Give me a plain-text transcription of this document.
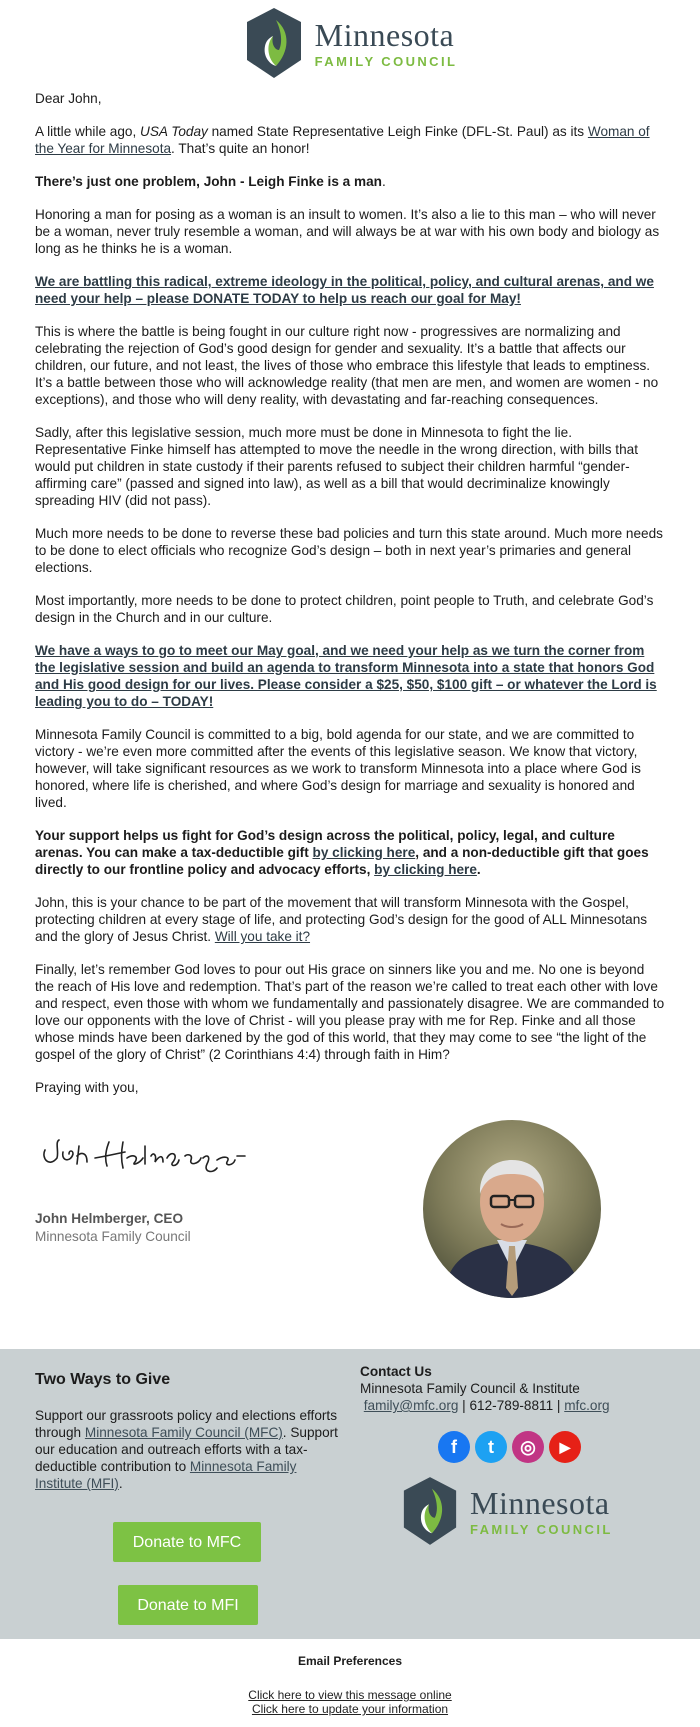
Minnesota
FAMILY COUNCIL

Dear John,

A little while ago, USA Today named State Representative Leigh Finke (DFL-St. Paul) as its Woman of the Year for Minnesota. That’s quite an honor!

There’s just one problem, John - Leigh Finke is a man.

Honoring a man for posing as a woman is an insult to women. It’s also a lie to this man – who will never be a woman, never truly resemble a woman, and will always be at war with his own body and biology as long as he thinks he is a woman.

We are battling this radical, extreme ideology in the political, policy, and cultural arenas, and we need your help – please DONATE TODAY to help us reach our goal for May!

This is where the battle is being fought in our culture right now - progressives are normalizing and celebrating the rejection of God’s good design for gender and sexuality. It’s a battle that affects our children, our future, and not least, the lives of those who embrace this lifestyle that leads to emptiness. It’s a battle between those who will acknowledge reality (that men are men, and women are women - no exceptions), and those who will deny reality, with devastating and far-reaching consequences.

Sadly, after this legislative session, much more must be done in Minnesota to fight the lie. Representative Finke himself has attempted to move the needle in the wrong direction, with bills that would put children in state custody if their parents refused to subject their children harmful “gender-affirming care” (passed and signed into law), as well as a bill that would decriminalize knowingly spreading HIV (did not pass).

Much more needs to be done to reverse these bad policies and turn this state around. Much more needs to be done to elect officials who recognize God’s design – both in next year’s primaries and general elections.

Most importantly, more needs to be done to protect children, point people to Truth, and celebrate God’s design in the Church and in our culture.

We have a ways to go to meet our May goal, and we need your help as we turn the corner from the legislative session and build an agenda to transform Minnesota into a state that honors God and His good design for our lives. Please consider a $25, $50, $100 gift – or whatever the Lord is leading you to do – TODAY!

Minnesota Family Council is committed to a big, bold agenda for our state, and we are committed to victory - we’re even more committed after the events of this legislative season. We know that victory, however, will take significant resources as we work to transform Minnesota into a place where God is honored, where life is cherished, and where God’s design for marriage and sexuality is honored and lived.

Your support helps us fight for God’s design across the political, policy, legal, and culture arenas. You can make a tax-deductible gift by clicking here, and a non-deductible gift that goes directly to our frontline policy and advocacy efforts, by clicking here.

John, this is your chance to be part of the movement that will transform Minnesota with the Gospel, protecting children at every stage of life, and protecting God’s design for the good of ALL Minnesotans and the glory of Jesus Christ. Will you take it?

Finally, let’s remember God loves to pour out His grace on sinners like you and me. No one is beyond the reach of His love and redemption. That’s part of the reason we’re called to treat each other with love and respect, even those with whom we fundamentally and passionately disagree. We are commanded to love our opponents with the love of Christ - will you please pray with me for Rep. Finke and all those whose minds have been darkened by the god of this world, that they may come to see “the light of the gospel of the glory of Christ” (2 Corinthians 4:4) through faith in Him?

Praying with you,

John Helmberger, CEO
Minnesota Family Council
Two Ways to Give

Support our grassroots policy and elections efforts through Minnesota Family Council (MFC). Support our education and outreach efforts with a tax-deductible contribution to Minnesota Family Institute (MFI).

Donate to MFC
Donate to MFI
Contact Us
Minnesota Family Council & Institute
family@mfc.org | 612-789-8811 | mfc.org
f	t	◎	▶
Minnesota
FAMILY COUNCIL
Email Preferences
Click here to view this message online
Click here to update your information
